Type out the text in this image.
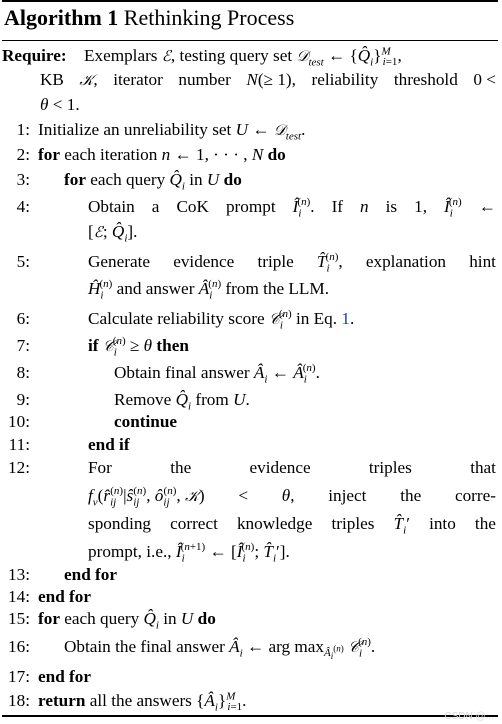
Algorithm 1 Rethinking Process
Require: Exemplars ℰ, testing query set 𝒟$_{test}$ ← $\{Q̂_i\}^M_{i=1}$,
KB 𝒦, iterator number N(≥ 1), reliability threshold 0 <
θ < 1.
1: Initialize an unreliability set U ← 𝒟$_{test}$.
2: for each iteration n ← 1, · · · , N do
3: for each query $Q̂_i$ in U do
4:	Obtain a CoK prompt $Î_i^{(n)}$. If n is 1, $Î_i^{(n)}$ ←
[ℰ; $Q̂_i$].
5:	Generate evidence triple $T̂_i^{(n)}$, explanation hint
$Ĥ_i^{(n)}$ and answer $Â_i^{(n)}$ from the LLM.
6:	Calculate reliability score 𝒞$_i^{(n)}$ in Eq. 1.
7:	if 𝒞$_i^{(n)}$ ≥ θ then
8:	Obtain final answer $Â_i$ ← $Â_i^{(n)}$.
9:	Remove $Q̂_i$ from U.
10:	continue
11:	end if
12:	For	the	evidence	triples	that
$f_v(r̂_{ij}^{(n)}|ŝ_{ij}^{(n)}$, $ô_{ij}^{(n)}$, 𝒦) < θ, inject the corre-
sponding correct knowledge triples $T̂_i'$ into the
prompt, i.e., $Î_i^{(n+1)}$ ← [$Î_i^{(n)}$; $T̂_i'$].
13: end for
14: end for
15: for each query $Q̂_i$ in U do
16: Obtain the final answer $Â_i$ ← arg $\max_{Â_i^{(n)}}$ 𝒞$_i^{(n)}$.
17: end for
18: return all the answers $\{Â_i\}^M_{i=1}$.
CSDN @...
